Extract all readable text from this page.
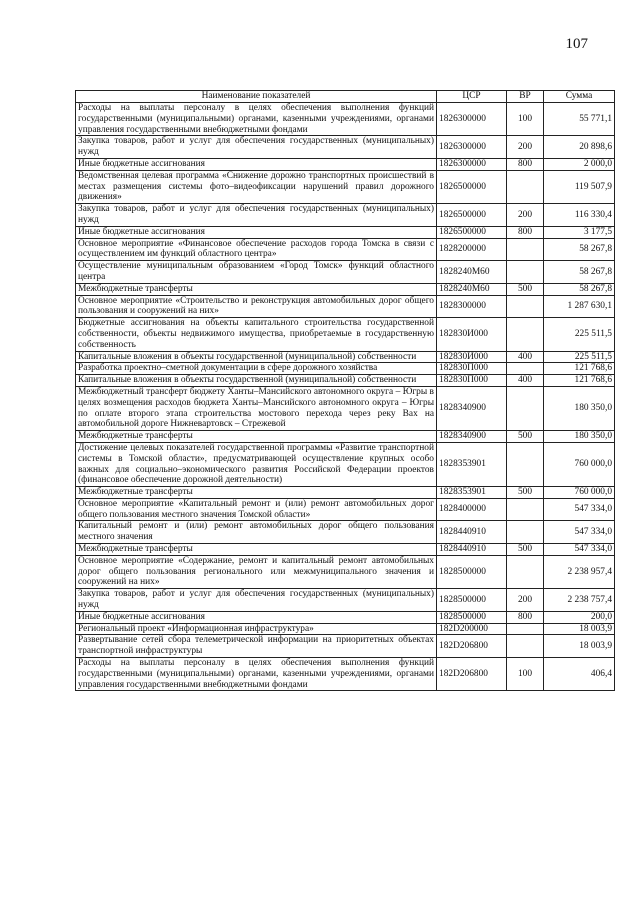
107
Наименование показателей	ЦСР	ВР	Сумма
Расходы на выплаты персоналу в целях обеспечения выполнения функций государственными (муниципальными) органами, казенными учреждениями, органами управления государственными внебюджетными фондами	1826300000	100	55 771,1
Закупка товаров, работ и услуг для обеспечения государственных (муниципальных) нужд	1826300000	200	20 898,6
Иные бюджетные ассигнования	1826300000	800	2 000,0
Ведомственная целевая программа «Снижение дорожно транспортных происшествий в местах размещения системы фото–видеофиксации нарушений правил дорожного движения»	1826500000		119 507,9
Закупка товаров, работ и услуг для обеспечения государственных (муниципальных) нужд	1826500000	200	116 330,4
Иные бюджетные ассигнования	1826500000	800	3 177,5
Основное мероприятие «Финансовое обеспечение расходов города Томска в связи с осуществлением им функций областного центра»	1828200000		58 267,8
Осуществление муниципальным образованием «Город Томск» функций областного центра	1828240М60		58 267,8
Межбюджетные трансферты	1828240М60	500	58 267,8
Основное мероприятие «Строительство и реконструкция автомобильных дорог общего пользования и сооружений на них»	1828300000		1 287 630,1
Бюджетные ассигнования на объекты капитального строительства государственной собственности, объекты недвижимого имущества, приобретаемые в государственную собственность	182830И000		225 511,5
Капитальные вложения в объекты государственной (муниципальной) собственности	182830И000	400	225 511,5
Разработка проектно–сметной документации в сфере дорожного хозяйства	182830П000		121 768,6
Капитальные вложения в объекты государственной (муниципальной) собственности	182830П000	400	121 768,6
Межбюджетный трансферт бюджету Ханты–Мансийского автономного округа – Югры в целях возмещения расходов бюджета Ханты–Мансийского автономного округа – Югры по оплате второго этапа строительства мостового перехода через реку Вах на автомобильной дороге Нижневартовск – Стрежевой	1828340900		180 350,0
Межбюджетные трансферты	1828340900	500	180 350,0
Достижение целевых показателей государственной программы «Развитие транспортной системы в Томской области», предусматривающей осуществление крупных особо важных для социально–экономического развития Российской Федерации проектов (финансовое обеспечение дорожной деятельности)	1828353901		760 000,0
Межбюджетные трансферты	1828353901	500	760 000,0
Основное мероприятие «Капитальный ремонт и (или) ремонт автомобильных дорог общего пользования местного значения Томской области»	1828400000		547 334,0
Капитальный ремонт и (или) ремонт автомобильных дорог общего пользования местного значения	1828440910		547 334,0
Межбюджетные трансферты	1828440910	500	547 334,0
Основное мероприятие «Содержание, ремонт и капитальный ремонт автомобильных дорог общего пользования регионального или межмуниципального значения и сооружений на них»	1828500000		2 238 957,4
Закупка товаров, работ и услуг для обеспечения государственных (муниципальных) нужд	1828500000	200	2 238 757,4
Иные бюджетные ассигнования	1828500000	800	200,0
Региональный проект «Информационная инфраструктура»	182D200000		18 003,9
Развертывание сетей сбора телеметрической информации на приоритетных объектах транспортной инфраструктуры	182D206800		18 003,9
Расходы на выплаты персоналу в целях обеспечения выполнения функций государственными (муниципальными) органами, казенными учреждениями, органами управления государственными внебюджетными фондами	182D206800	100	406,4
